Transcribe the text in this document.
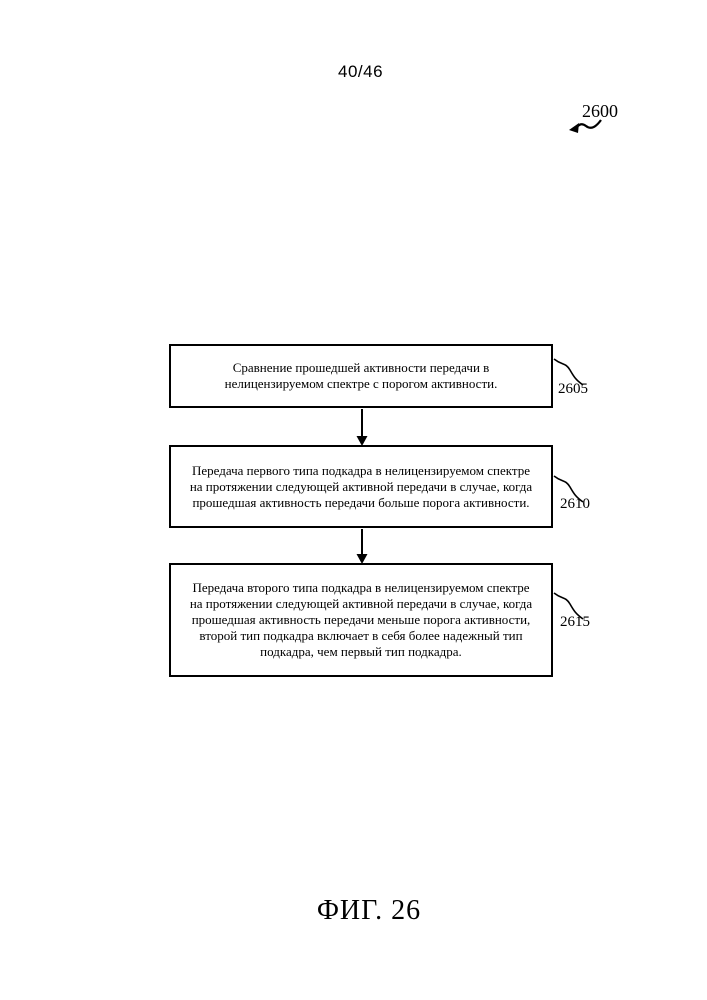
40/46
2600
Сравнение прошедшей активности передачи в
нелицензируемом спектре с порогом активности.
Передача первого типа подкадра в нелицензируемом спектре
на протяжении следующей активной передачи в случае, когда
прошедшая активность передачи больше порога активности.
Передача второго типа подкадра в нелицензируемом спектре
на протяжении следующей активной передачи в случае, когда
прошедшая активность передачи меньше порога активности,
второй тип подкадра включает в себя более надежный тип
подкадра, чем первый тип подкадра.
2605
2610
2615
ФИГ. 26
